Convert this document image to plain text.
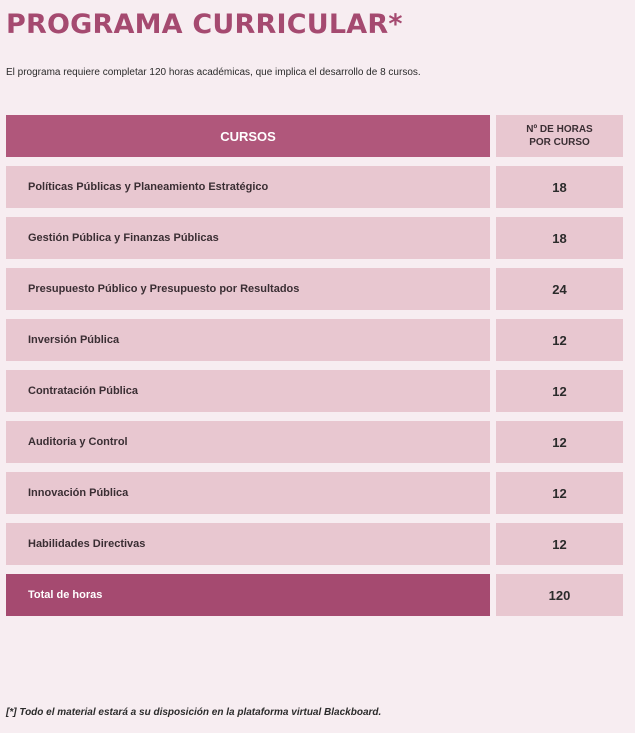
PROGRAMA CURRICULAR*
El programa requiere completar 120 horas académicas, que implica el desarrollo de 8 cursos.
CURSOS	Nº DE HORAS
POR CURSO
Políticas Públicas y Planeamiento Estratégico	18
Gestión Pública y Finanzas Públicas	18
Presupuesto Público y Presupuesto por Resultados	24
Inversión Pública	12
Contratación Pública	12
Auditoria y Control	12
Innovación Pública	12
Habilidades Directivas	12
Total de horas	120
[*] Todo el material estará a su disposición en la plataforma virtual Blackboard.
